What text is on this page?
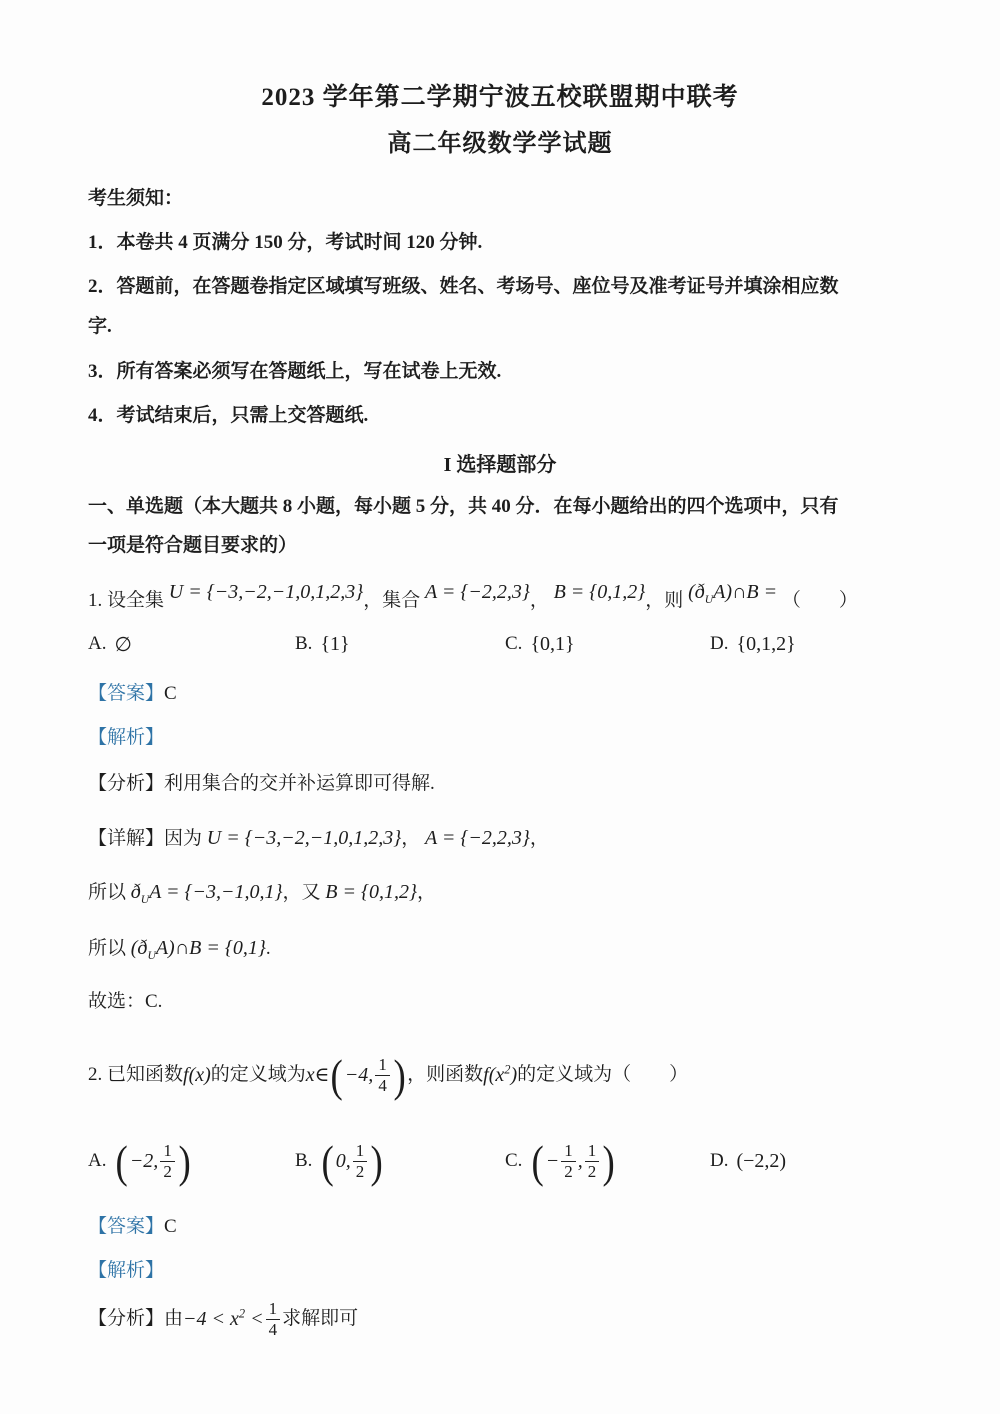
2023 学年第二学期宁波五校联盟期中联考
高二年级数学学试题

考生须知：

1．本卷共 4 页满分 150 分，考试时间 120 分钟.

2．答题前，在答题卷指定区域填写班级、姓名、考场号、座位号及准考证号并填涂相应数

字.

3．所有答案必须写在答题纸上，写在试卷上无效.

4．考试结束后，只需上交答题纸.

I 选择题部分

一、单选题（本大题共 8 小题，每小题 5 分，共 40 分．在每小题给出的四个选项中，只有

一项是符合题目要求的）

1. 设全集 U = {−3,−2,−1,0,1,2,3}，集合 A = {−2,2,3}， B = {0,1,2}，则 $(ð_UA)\cap B$ = （　　）
A. ∅	B. {1}	C. {0,1}	D. {0,1,2}

【答案】C

【解析】

【分析】利用集合的交并补运算即可得解.

【详解】因为 U = {−3,−2,−1,0,1,2,3}， A = {−2,2,3}，

所以 $ð_UA = \{-3,-1,0,1\}$，又 B = {0,1,2}，

所以 $(ð_UA)\cap B = \{0,1\}$.

故选：C.

2. 已知函数 f(x) 的定义域为 x∈ ( −4, $\frac{1}{4}$ ) ，则函数 $f(x^2)$ 的定义域为（　　）
A. ( −2, $\frac{1}{2}$ )	B. ( 0, $\frac{1}{2}$ )	C. ( − $\frac{1}{2}$ , $\frac{1}{2}$ )	D. (−2,2)

【答案】C

【解析】

【分析】 由 $-4 < x^2 < \frac{1}{4}$ 求解即可
